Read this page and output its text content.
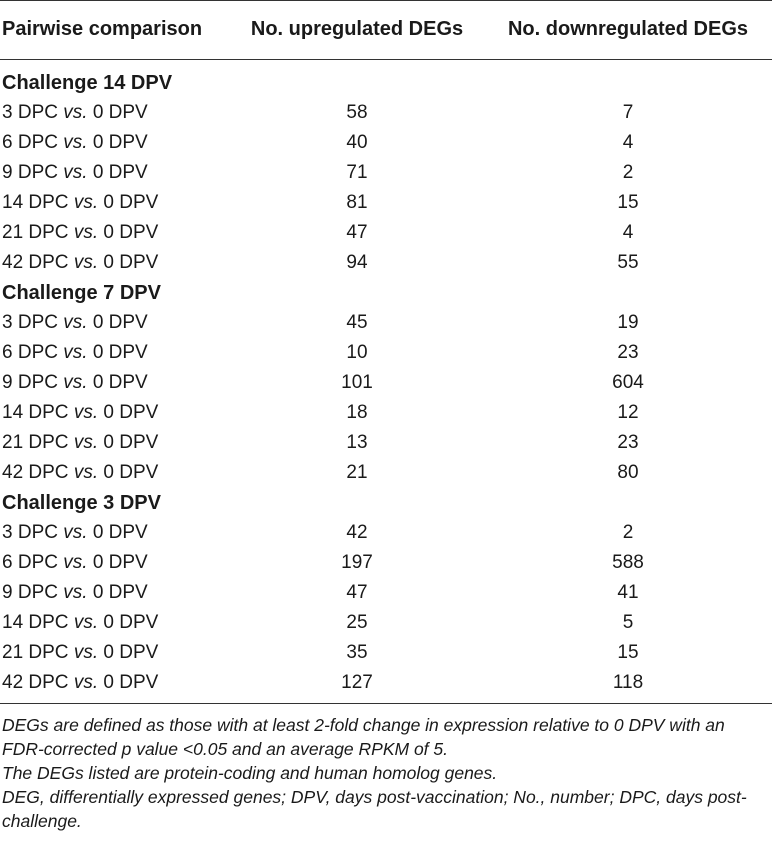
Pairwise comparison	No. upregulated DEGs	No. downregulated DEGs

Challenge 14 DPV		
3 DPC vs. 0 DPV	58	7
6 DPC vs. 0 DPV	40	4
9 DPC vs. 0 DPV	71	2
14 DPC vs. 0 DPV	81	15
21 DPC vs. 0 DPV	47	4
42 DPC vs. 0 DPV	94	55
Challenge 7 DPV		
3 DPC vs. 0 DPV	45	19
6 DPC vs. 0 DPV	10	23
9 DPC vs. 0 DPV	101	604
14 DPC vs. 0 DPV	18	12
21 DPC vs. 0 DPV	13	23
42 DPC vs. 0 DPV	21	80
Challenge 3 DPV		
3 DPC vs. 0 DPV	42	2
6 DPC vs. 0 DPV	197	588
9 DPC vs. 0 DPV	47	41
14 DPC vs. 0 DPV	25	5
21 DPC vs. 0 DPV	35	15
42 DPC vs. 0 DPV	127	118

DEGs are defined as those with at least 2-fold change in expression relative to 0 DPV with an FDR-corrected p value <0.05 and an average RPKM of 5.

The DEGs listed are protein-coding and human homolog genes.

DEG, differentially expressed genes; DPV, days post-vaccination; No., number; DPC, days post-challenge.
